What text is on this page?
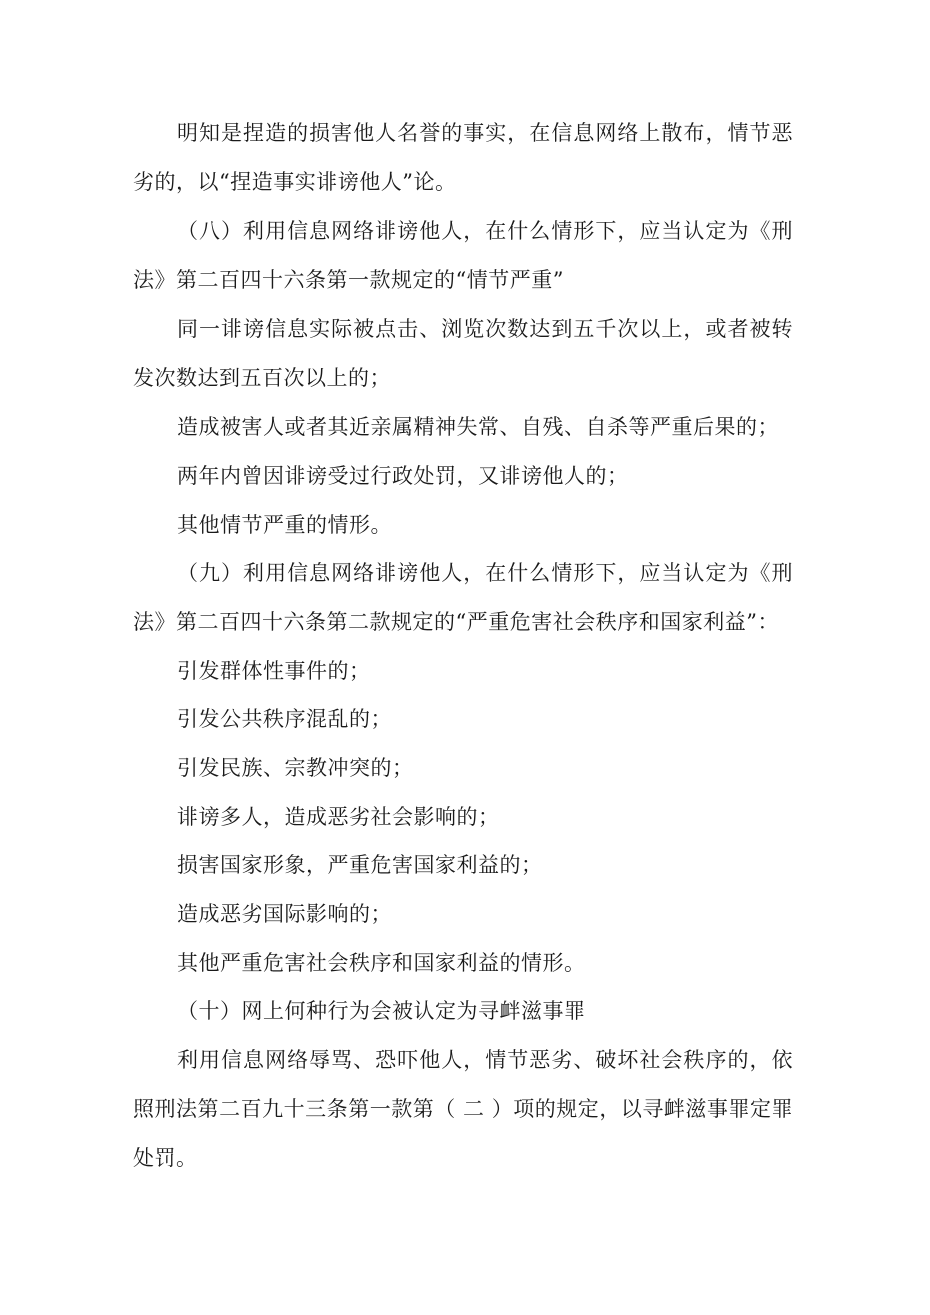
明知是捏造的损害他人名誉的事实，在信息网络上散布，情节恶劣的，以“捏造事实诽谤他人”论。

（八）利用信息网络诽谤他人，在什么情形下，应当认定为《刑法》第二百四十六条第一款规定的“情节严重”

同一诽谤信息实际被点击、浏览次数达到五千次以上，或者被转发次数达到五百次以上的；

造成被害人或者其近亲属精神失常、自残、自杀等严重后果的；

两年内曾因诽谤受过行政处罚，又诽谤他人的；

其他情节严重的情形。

（九）利用信息网络诽谤他人，在什么情形下，应当认定为《刑法》第二百四十六条第二款规定的“严重危害社会秩序和国家利益”：

引发群体性事件的；

引发公共秩序混乱的；

引发民族、宗教冲突的；

诽谤多人，造成恶劣社会影响的；

损害国家形象，严重危害国家利益的；

造成恶劣国际影响的；

其他严重危害社会秩序和国家利益的情形。

（十）网上何种行为会被认定为寻衅滋事罪

利用信息网络辱骂、恐吓他人，情节恶劣、破坏社会秩序的，依照刑法第二百九十三条第一款第（ 二 ）项的规定，以寻衅滋事罪定罪处罚。
